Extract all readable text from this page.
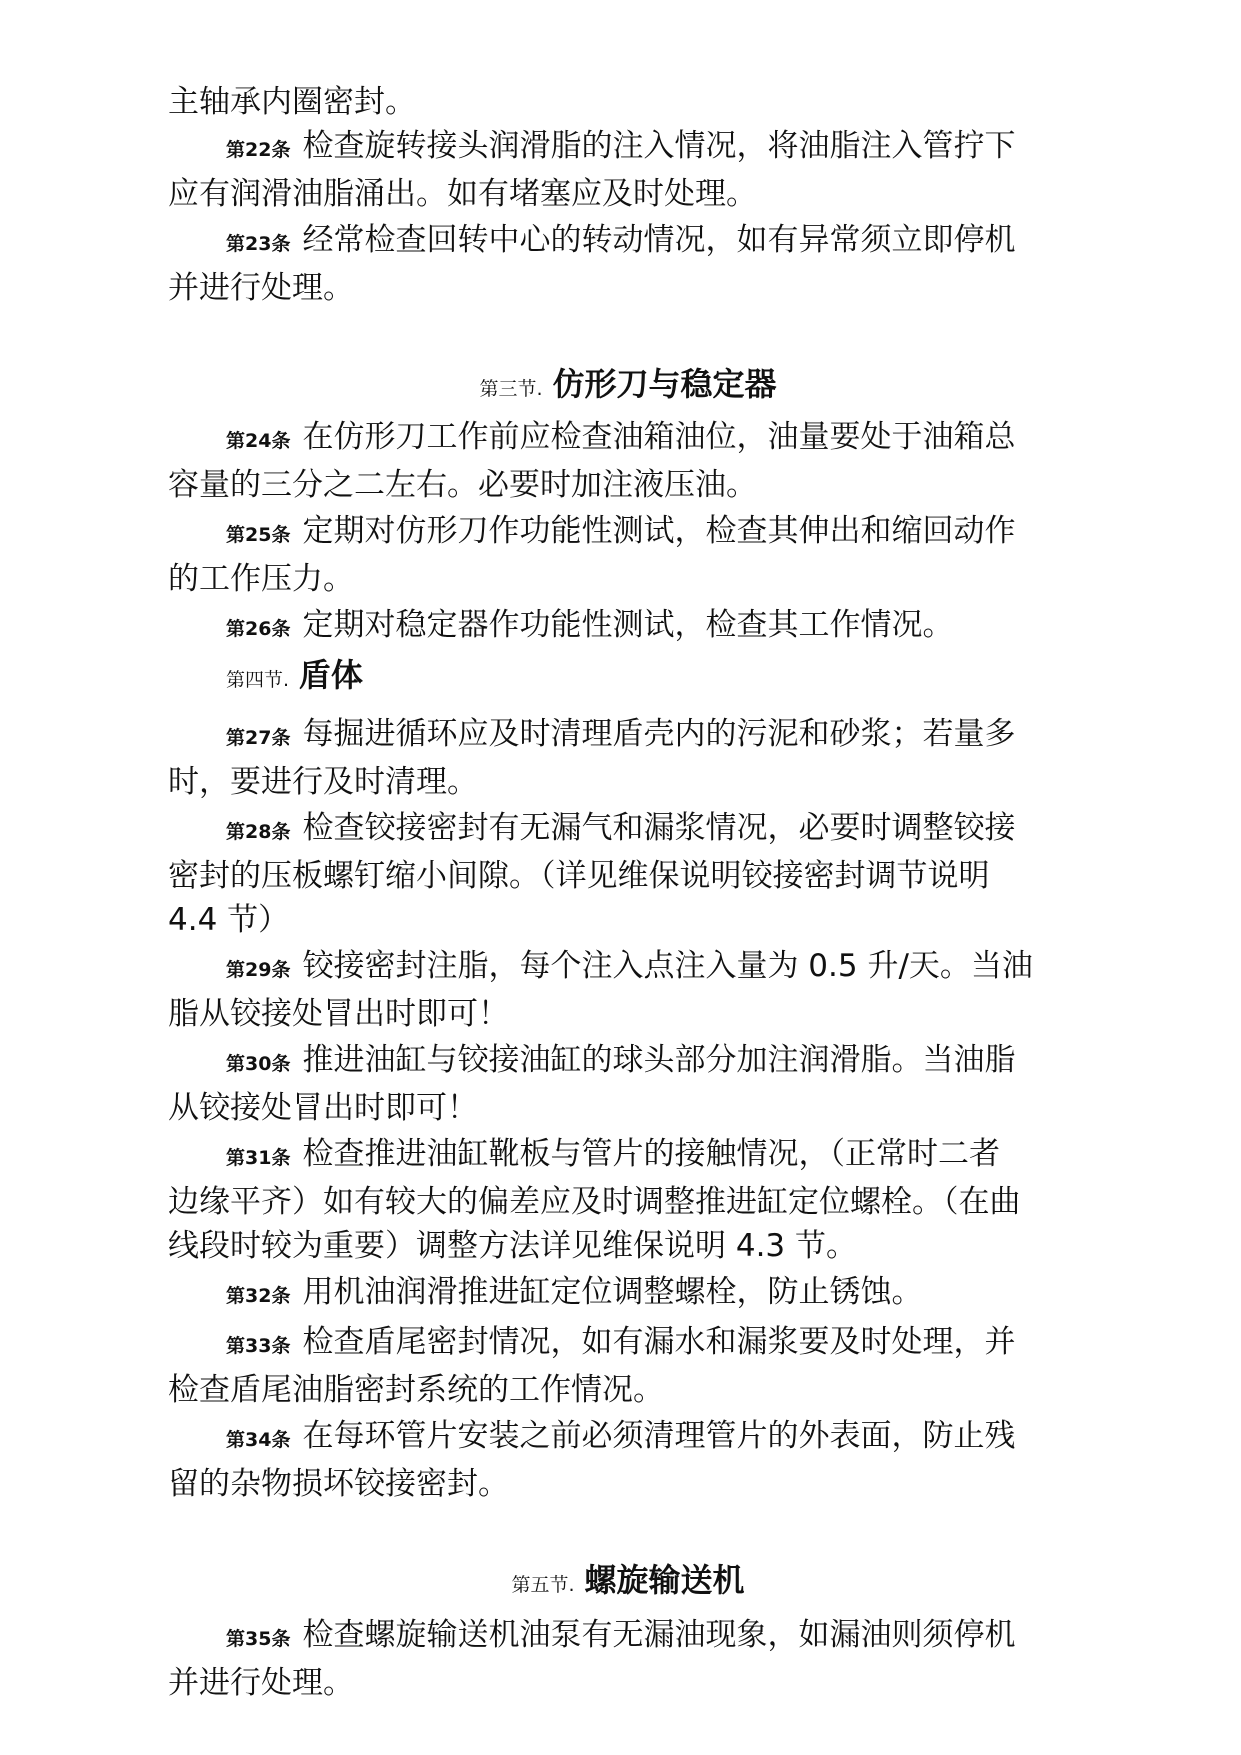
主轴承内圈密封。

第22条 检查旋转接头润滑脂的注入情况，将油脂注入管拧下
应有润滑油脂涌出。如有堵塞应及时处理。
第23条 经常检查回转中心的转动情况，如有异常须立即停机
并进行处理。
第三节. 仿形刀与稳定器
第24条 在仿形刀工作前应检查油箱油位，油量要处于油箱总
容量的三分之二左右。必要时加注液压油。
第25条 定期对仿形刀作功能性测试，检查其伸出和缩回动作
的工作压力。
第26条 定期对稳定器作功能性测试，检查其工作情况。
第四节. 盾体
第27条 每掘进循环应及时清理盾壳内的污泥和砂浆；若量多
时，要进行及时清理。
第28条 检查铰接密封有无漏气和漏浆情况，必要时调整铰接
密封的压板螺钉缩小间隙。（详见维保说明铰接密封调节说明
4.4 节）
第29条 铰接密封注脂，每个注入点注入量为 0.5 升/天。当油
脂从铰接处冒出时即可！
第30条 推进油缸与铰接油缸的球头部分加注润滑脂。当油脂
从铰接处冒出时即可！
第31条 检查推进油缸靴板与管片的接触情况，（正常时二者
边缘平齐）如有较大的偏差应及时调整推进缸定位螺栓。（在曲
线段时较为重要）调整方法详见维保说明 4.3 节。
第32条 用机油润滑推进缸定位调整螺栓，防止锈蚀。
第33条 检查盾尾密封情况，如有漏水和漏浆要及时处理，并
检查盾尾油脂密封系统的工作情况。
第34条 在每环管片安装之前必须清理管片的外表面，防止残
留的杂物损坏铰接密封。
第五节. 螺旋输送机
第35条 检查螺旋输送机油泵有无漏油现象，如漏油则须停机
并进行处理。
